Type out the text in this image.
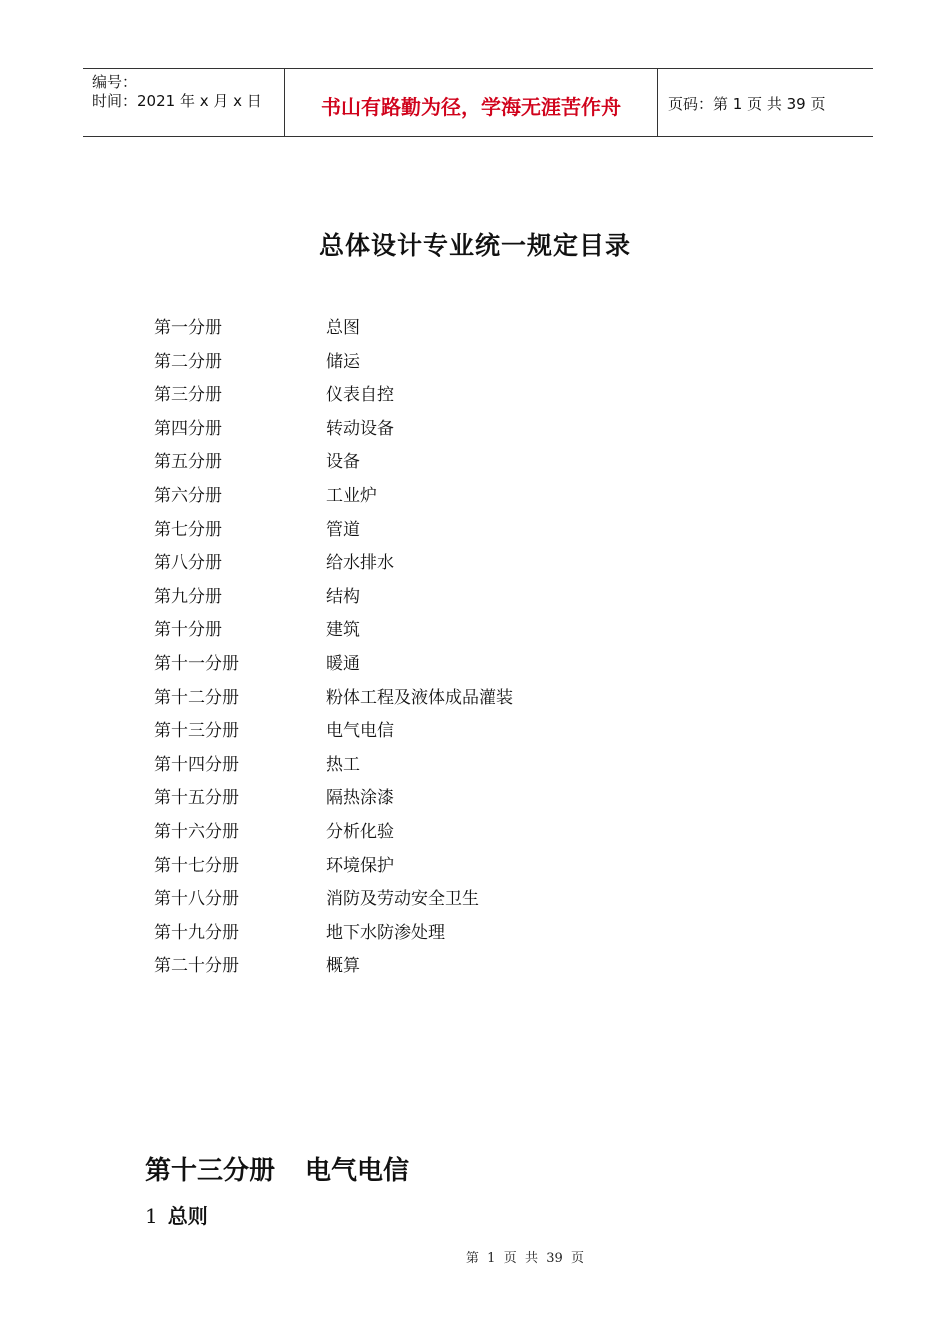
编号：
时间：2021 年 x 月 x 日	书山有路勤为径，学海无涯苦作舟	页码：第 1 页 共 39 页
总体设计专业统一规定目录
第一分册	总图
第二分册	储运
第三分册	仪表自控
第四分册	转动设备
第五分册	设备
第六分册	工业炉
第七分册	管道
第八分册	给水排水
第九分册	结构
第十分册	建筑
第十一分册	暖通
第十二分册	粉体工程及液体成品灌装
第十三分册	电气电信
第十四分册	热工
第十五分册	隔热涂漆
第十六分册	分析化验
第十七分册	环境保护
第十八分册	消防及劳动安全卫生
第十九分册	地下水防渗处理
第二十分册	概算
第十三分册 电气电信
1 总则
第  1  页  共  39  页
